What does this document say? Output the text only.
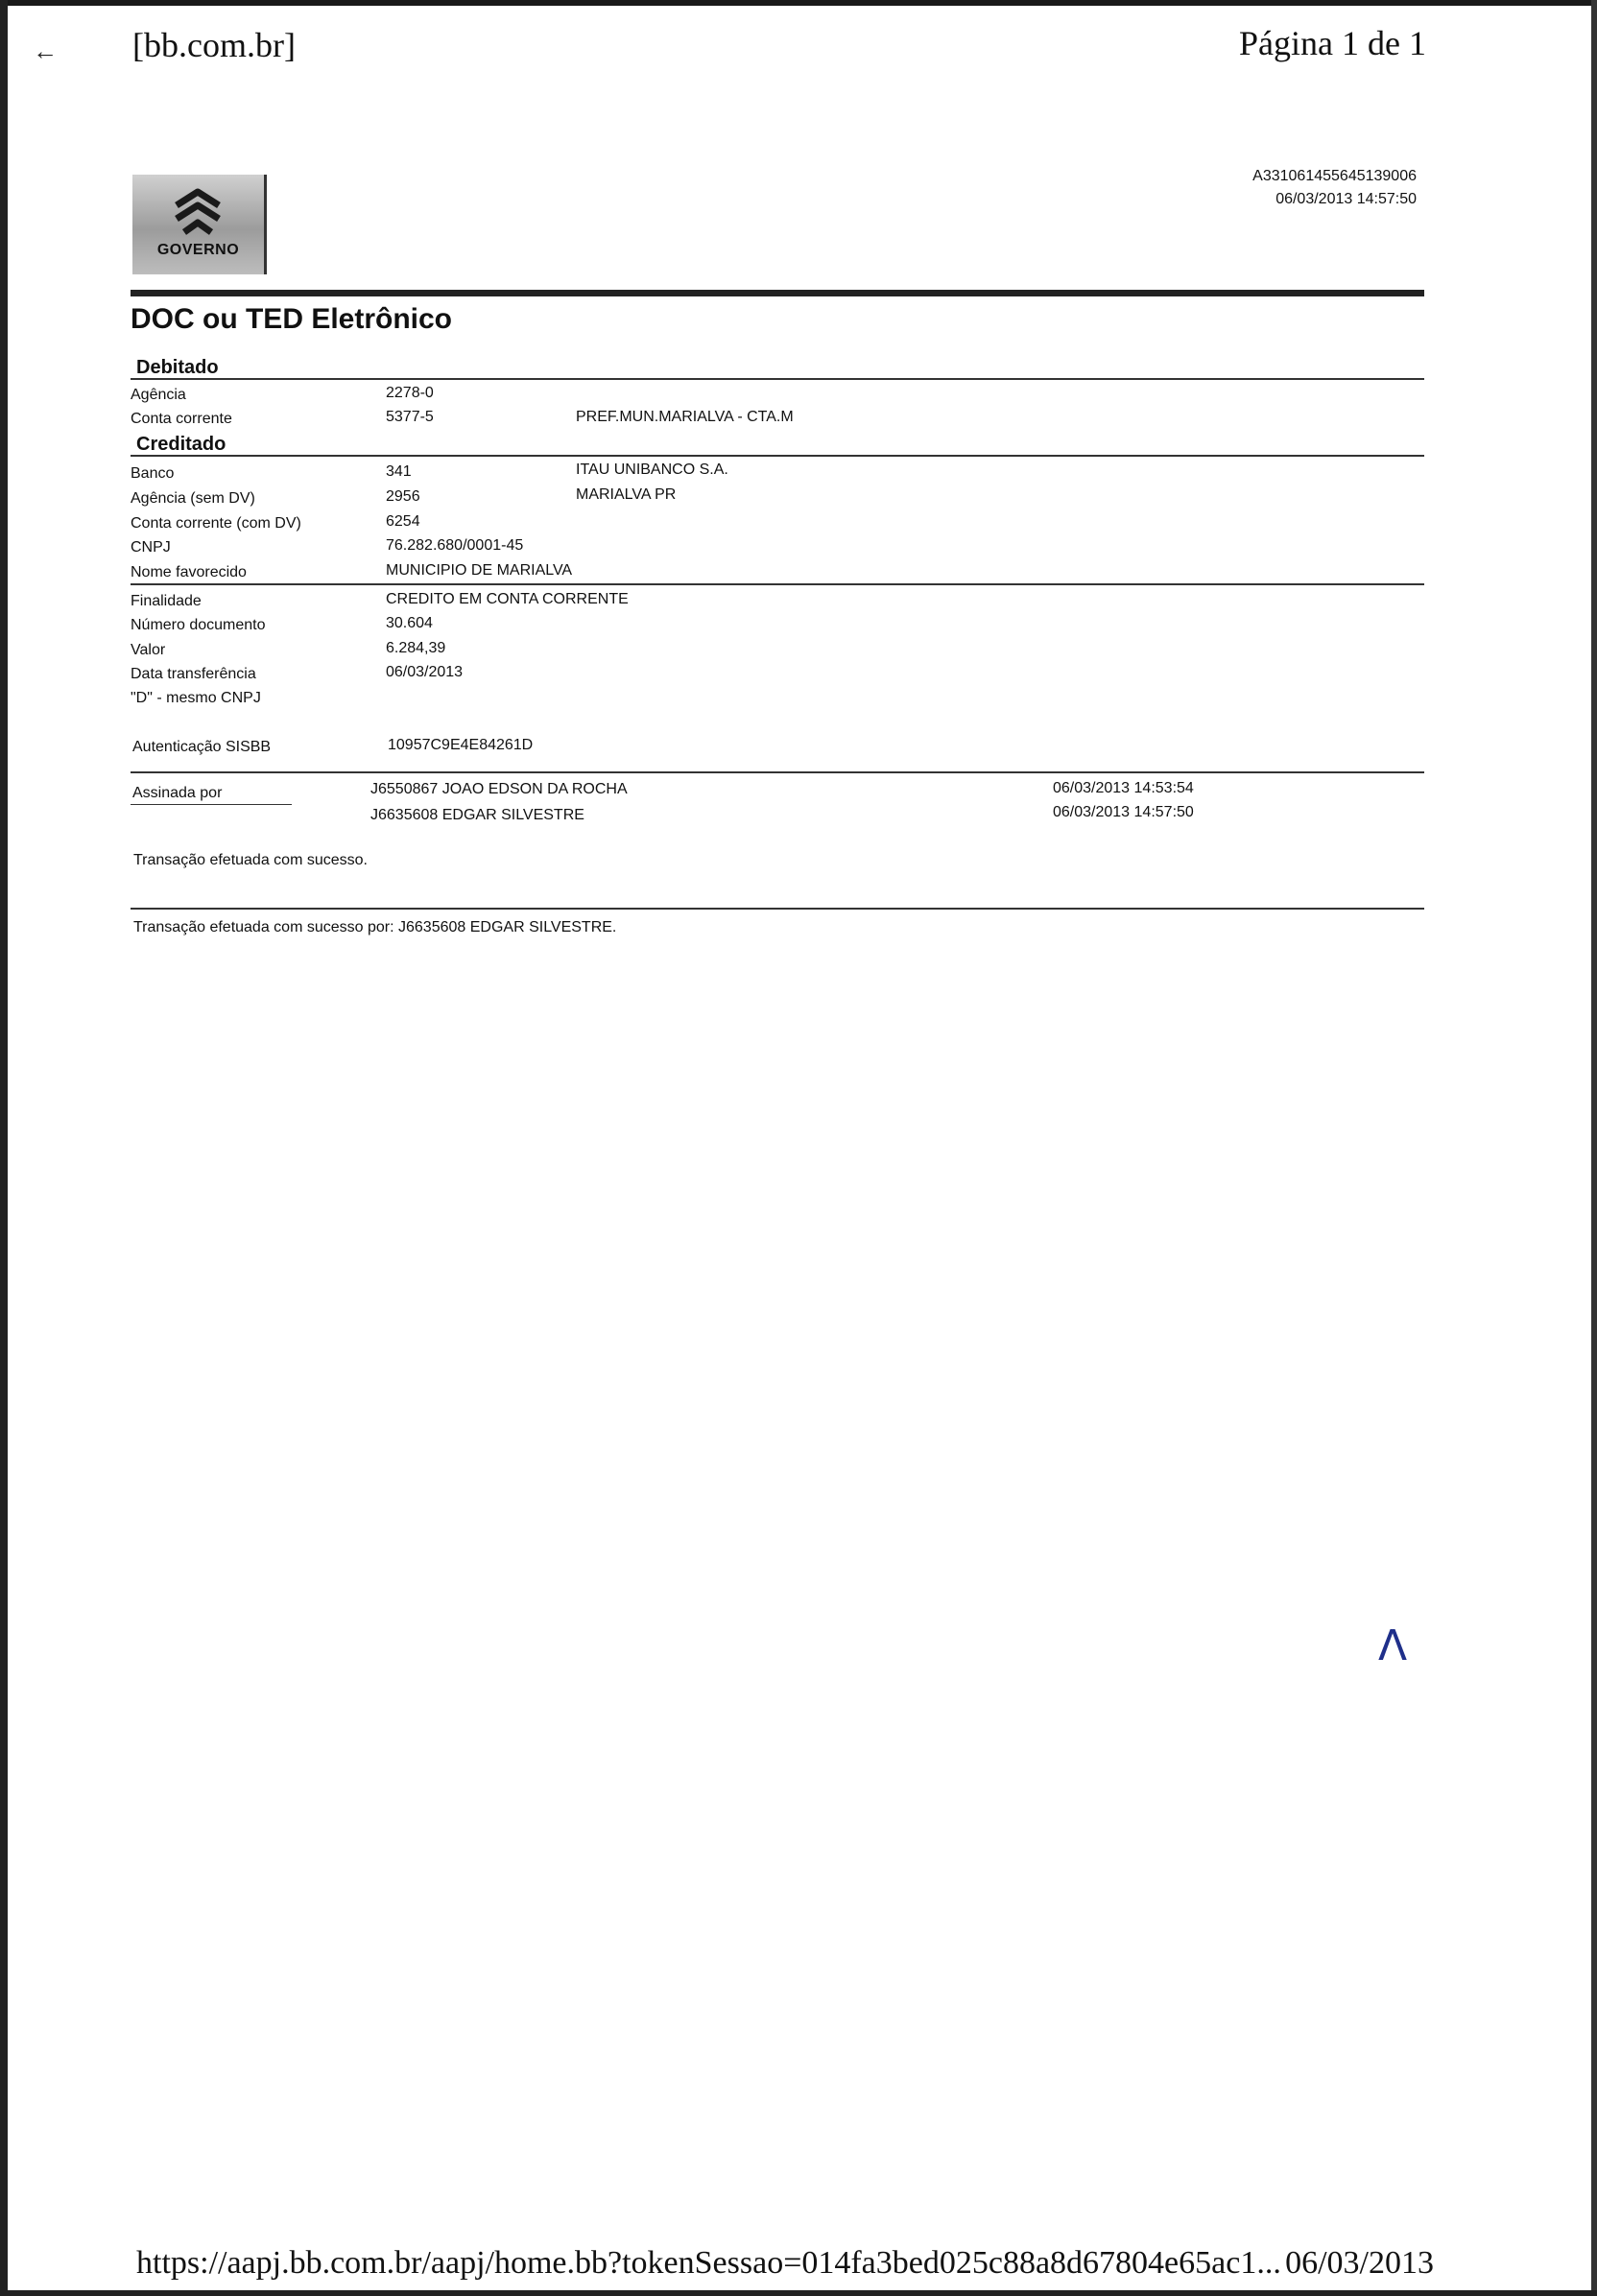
← [bb.com.br]	Página 1 de 1
GOVERNO
A331061455645139006
06/03/2013 14:57:50
DOC ou TED Eletrônico
Debitado
Agência	2278-0
Conta corrente	5377-5	PREF.MUN.MARIALVA - CTA.M
Creditado
Banco	341	ITAU UNIBANCO S.A.
Agência (sem DV)	2956	MARIALVA PR
Conta corrente (com DV)	6254
CNPJ	76.282.680/0001-45
Nome favorecido	MUNICIPIO DE MARIALVA
Finalidade	CREDITO EM CONTA CORRENTE
Número documento	30.604
Valor	6.284,39
Data transferência	06/03/2013
"D" - mesmo CNPJ
Autenticação SISBB	10957C9E4E84261D
Assinada por	J6550867 JOAO EDSON DA ROCHA	06/03/2013 14:53:54
J6635608 EDGAR SILVESTRE	06/03/2013 14:57:50
Transação efetuada com sucesso.
Transação efetuada com sucesso por: J6635608 EDGAR SILVESTRE.
Λ
https://aapj.bb.com.br/aapj/home.bb?tokenSessao=014fa3bed025c88a8d67804e65ac1... 06/03/2013
